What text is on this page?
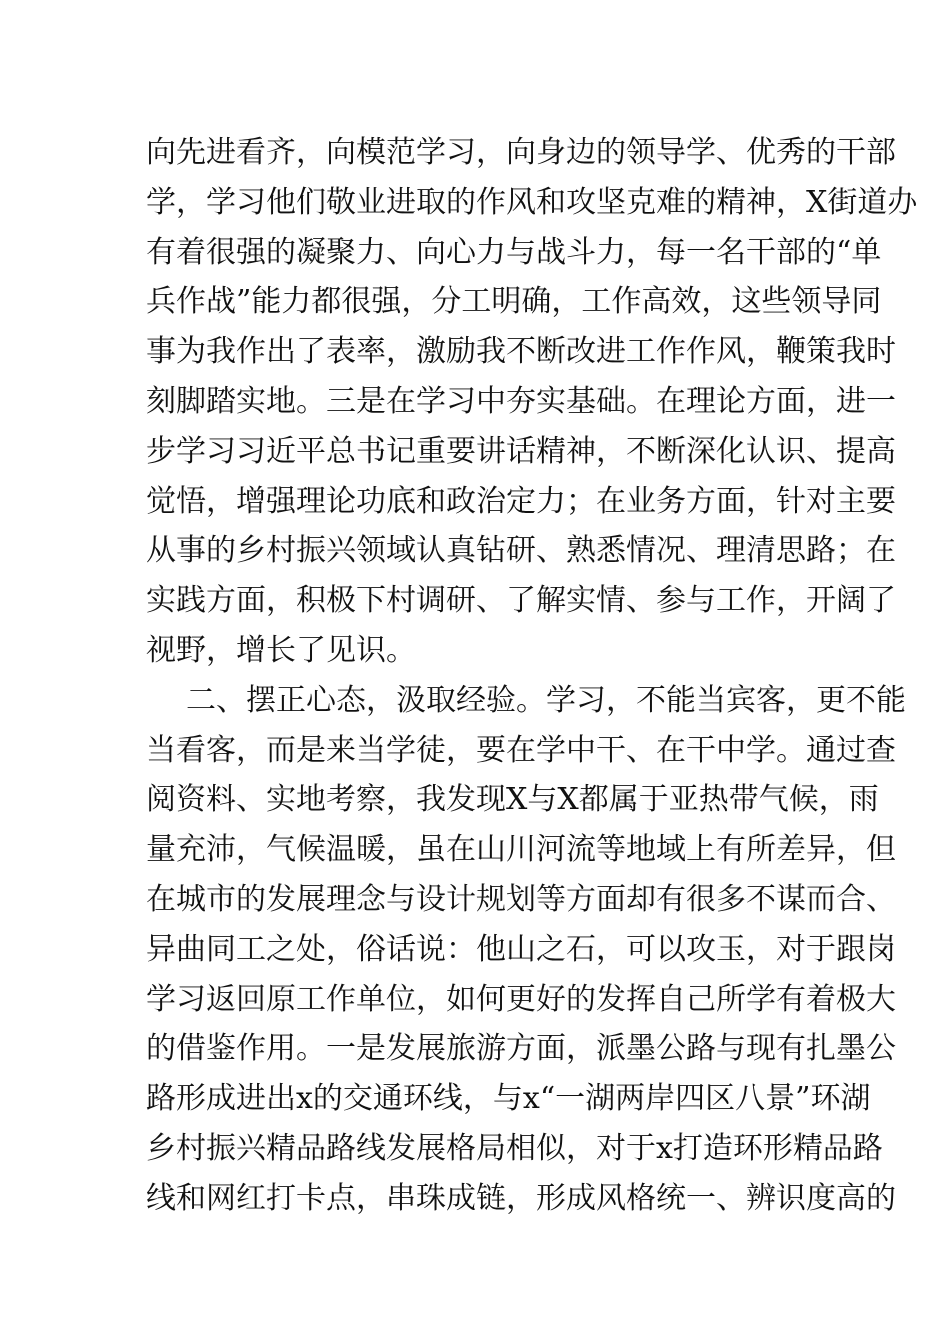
向先进看齐，向模范学习，向身边的领导学、优秀的干部
学，学习他们敬业进取的作风和攻坚克难的精神，X街道办
有着很强的凝聚力、向心力与战斗力，每一名干部的“单
兵作战”能力都很强，分工明确，工作高效，这些领导同
事为我作出了表率，激励我不断改进工作作风，鞭策我时
刻脚踏实地。三是在学习中夯实基础。在理论方面，进一
步学习习近平总书记重要讲话精神，不断深化认识、提高
觉悟，增强理论功底和政治定力；在业务方面，针对主要
从事的乡村振兴领域认真钻研、熟悉情况、理清思路；在
实践方面，积极下村调研、了解实情、参与工作，开阔了
视野，增长了见识。
二、摆正心态，汲取经验。学习，不能当宾客，更不能
当看客，而是来当学徒，要在学中干、在干中学。通过查
阅资料、实地考察，我发现X与X都属于亚热带气候，雨
量充沛，气候温暖，虽在山川河流等地域上有所差异，但
在城市的发展理念与设计规划等方面却有很多不谋而合、
异曲同工之处，俗话说：他山之石，可以攻玉，对于跟岗
学习返回原工作单位，如何更好的发挥自己所学有着极大
的借鉴作用。一是发展旅游方面，派墨公路与现有扎墨公
路形成进出x的交通环线，与x“一湖两岸四区八景”环湖
乡村振兴精品路线发展格局相似，对于x打造环形精品路
线和网红打卡点，串珠成链，形成风格统一、辨识度高的
